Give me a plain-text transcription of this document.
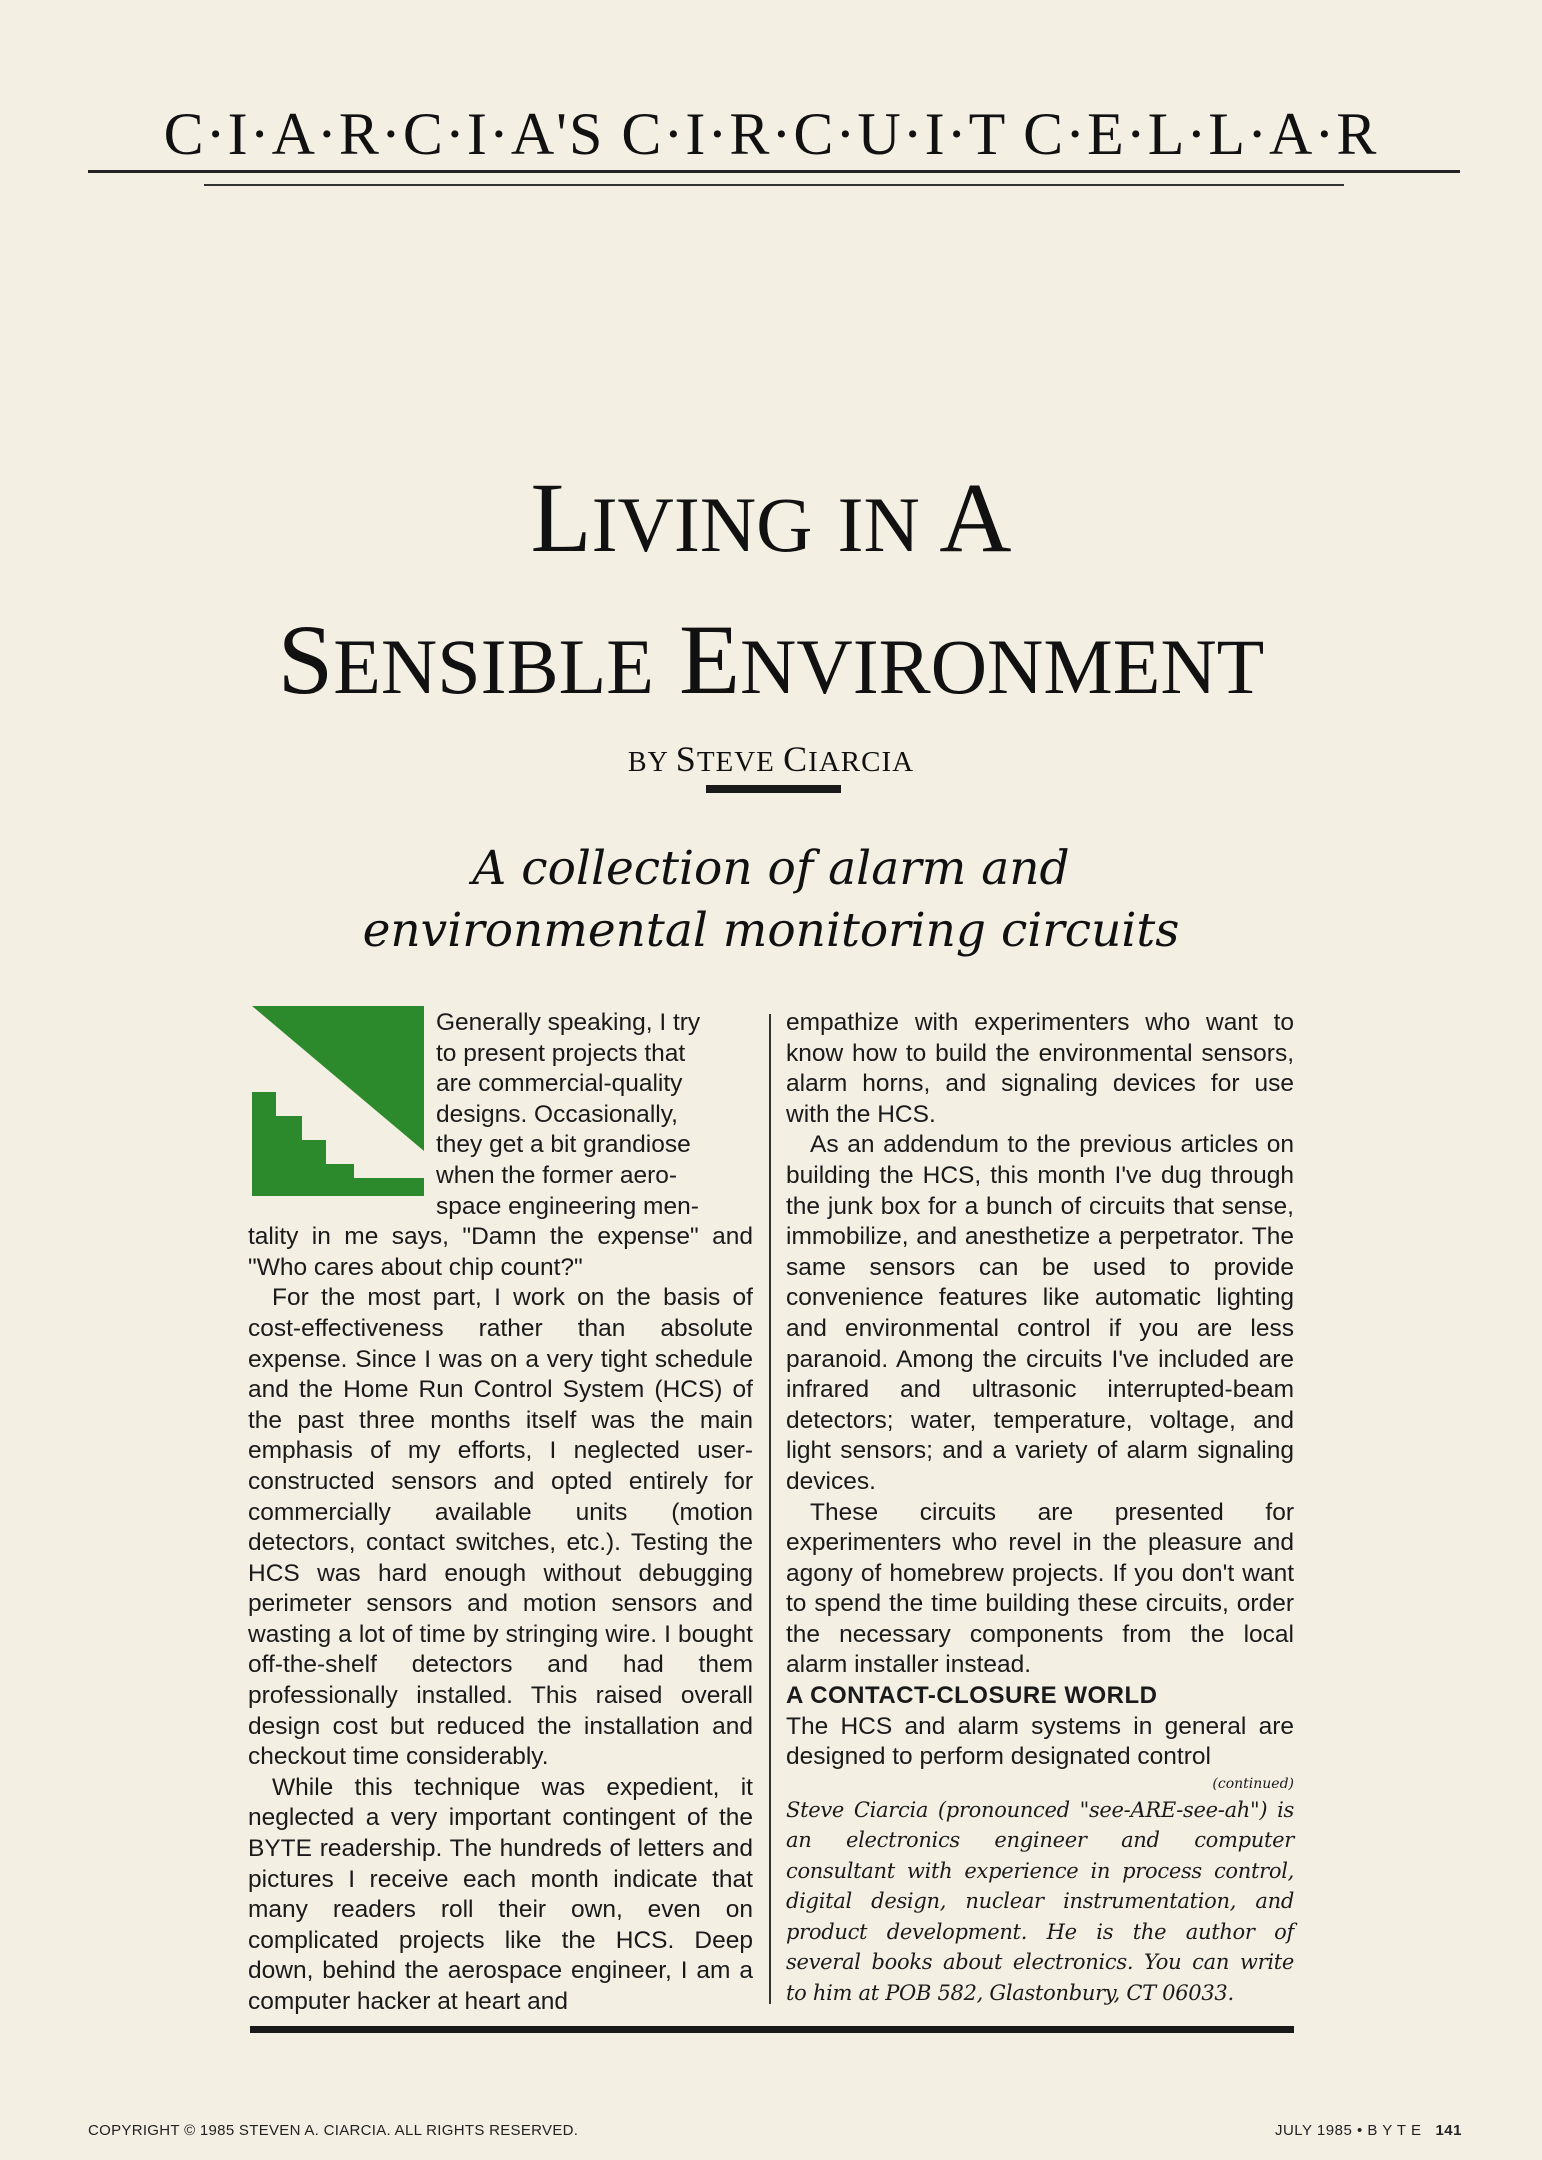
C·I·A·R·C·I·A'S C·I·R·C·U·I·T C·E·L·L·A·R
LIVING IN A
SENSIBLE ENVIRONMENT
BY STEVE CIARCIA
A collection of alarm and
environmental monitoring circuits
Generally speaking, I try
to present projects that
are commercial-quality
designs. Occasionally,
they get a bit grandiose
when the former aero-
space engineering men-

tality in me says, "Damn the expense" and "Who cares about chip count?"

For the most part, I work on the basis of cost-effectiveness rather than absolute expense. Since I was on a very tight schedule and the Home Run Control System (HCS) of the past three months itself was the main emphasis of my efforts, I neglected user-constructed sensors and opted entirely for commercially available units (motion detectors, contact switches, etc.). Testing the HCS was hard enough without debugging perimeter sensors and motion sensors and wasting a lot of time by stringing wire. I bought off-the-shelf detectors and had them professionally installed. This raised overall design cost but reduced the installation and checkout time considerably.

While this technique was expedient, it neglected a very important contingent of the BYTE readership. The hundreds of letters and pictures I receive each month indicate that many readers roll their own, even on complicated projects like the HCS. Deep down, behind the aerospace engineer, I am a computer hacker at heart and

empathize with experimenters who want to know how to build the environmental sensors, alarm horns, and signaling devices for use with the HCS.

As an addendum to the previous articles on building the HCS, this month I've dug through the junk box for a bunch of circuits that sense, immobilize, and anesthetize a perpetrator. The same sensors can be used to provide convenience features like automatic lighting and environmental control if you are less paranoid. Among the circuits I've included are infrared and ultrasonic interrupted-beam detectors; water, temperature, voltage, and light sensors; and a variety of alarm signaling devices.

These circuits are presented for experimenters who revel in the pleasure and agony of homebrew projects. If you don't want to spend the time building these circuits, order the necessary components from the local alarm installer instead.

A CONTACT-CLOSURE WORLD

The HCS and alarm systems in general are designed to perform designated control

(continued)

Steve Ciarcia (pronounced "see-ARE-see-ah") is an electronics engineer and computer consultant with experience in process control, digital design, nuclear instrumentation, and product development. He is the author of several books about electronics. You can write to him at POB 582, Glastonbury, CT 06033.
COPYRIGHT © 1985 STEVEN A. CIARCIA. ALL RIGHTS RESERVED.	JULY 1985 • B Y T E 141
